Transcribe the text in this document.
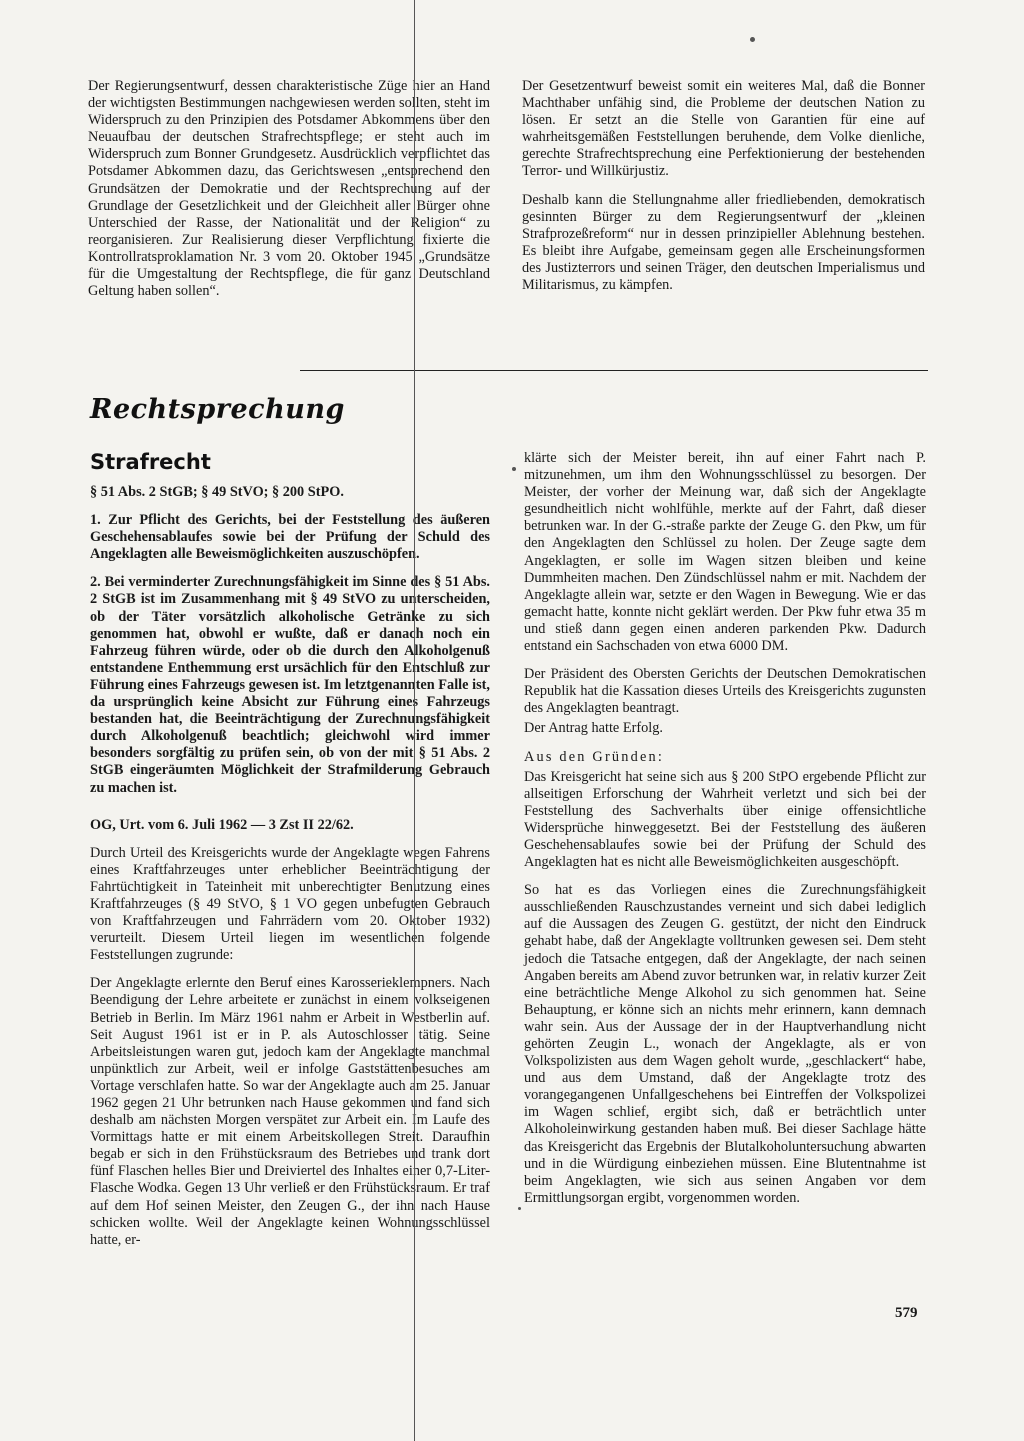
Der Regierungsentwurf, dessen charakteristische Züge hier an Hand der wichtigsten Bestimmungen nachgewiesen werden sollten, steht im Widerspruch zu den Prinzipien des Potsdamer Abkommens über den Neuaufbau der deutschen Strafrechtspflege; er steht auch im Widerspruch zum Bonner Grundgesetz. Ausdrücklich verpflichtet das Potsdamer Abkommen dazu, das Gerichtswesen „entsprechend den Grundsätzen der Demokratie und der Rechtsprechung auf der Grundlage der Gesetzlichkeit und der Gleichheit aller Bürger ohne Unterschied der Rasse, der Nationalität und der Religion“ zu reorganisieren. Zur Realisierung dieser Verpflichtung fixierte die Kontrollratsproklamation Nr. 3 vom 20. Oktober 1945 „Grundsätze für die Umgestaltung der Rechtspflege, die für ganz Deutschland Geltung haben sollen“.

Der Gesetzentwurf beweist somit ein weiteres Mal, daß die Bonner Machthaber unfähig sind, die Probleme der deutschen Nation zu lösen. Er setzt an die Stelle von Garantien für eine auf wahrheitsgemäßen Feststellungen beruhende, dem Volke dienliche, gerechte Strafrechtsprechung eine Perfektionierung der bestehenden Terror- und Willkürjustiz.

Deshalb kann die Stellungnahme aller friedliebenden, demokratisch gesinnten Bürger zu dem Regierungsentwurf der „kleinen Strafprozeßreform“ nur in dessen prinzipieller Ablehnung bestehen. Es bleibt ihre Aufgabe, gemeinsam gegen alle Erscheinungsformen des Justizterrors und seinen Träger, den deutschen Imperialismus und Militarismus, zu kämpfen.

Rechtsprechung
Strafrecht

§ 51 Abs. 2 StGB; § 49 StVO; § 200 StPO.

1. Zur Pflicht des Gerichts, bei der Feststellung des äußeren Geschehensablaufes sowie bei der Prüfung der Schuld des Angeklagten alle Beweismöglichkeiten auszuschöpfen.

2. Bei verminderter Zurechnungsfähigkeit im Sinne des § 51 Abs. 2 StGB ist im Zusammenhang mit § 49 StVO zu unterscheiden, ob der Täter vorsätzlich alkoholische Getränke zu sich genommen hat, obwohl er wußte, daß er danach noch ein Fahrzeug führen würde, oder ob die durch den Alkoholgenuß entstandene Enthemmung erst ursächlich für den Entschluß zur Führung eines Fahrzeugs gewesen ist. Im letztgenannten Falle ist, da ursprünglich keine Absicht zur Führung eines Fahrzeugs bestanden hat, die Beeinträchtigung der Zurechnungsfähigkeit durch Alkoholgenuß beachtlich; gleichwohl wird immer besonders sorgfältig zu prüfen sein, ob von der mit § 51 Abs. 2 StGB eingeräumten Möglichkeit der Strafmilderung Gebrauch zu machen ist.

OG, Urt. vom 6. Juli 1962 — 3 Zst II 22/62.

Durch Urteil des Kreisgerichts wurde der Angeklagte wegen Fahrens eines Kraftfahrzeuges unter erheblicher Beeinträchtigung der Fahrtüchtigkeit in Tateinheit mit unberechtigter Benutzung eines Kraftfahrzeuges (§ 49 StVO, § 1 VO gegen unbefugten Gebrauch von Kraftfahrzeugen und Fahrrädern vom 20. Oktober 1932) verurteilt. Diesem Urteil liegen im wesentlichen folgende Feststellungen zugrunde:

Der Angeklagte erlernte den Beruf eines Karosserieklempners. Nach Beendigung der Lehre arbeitete er zunächst in einem volkseigenen Betrieb in Berlin. Im März 1961 nahm er Arbeit in Westberlin auf. Seit August 1961 ist er in P. als Autoschlosser tätig. Seine Arbeitsleistungen waren gut, jedoch kam der Angeklagte manchmal unpünktlich zur Arbeit, weil er infolge Gaststättenbesuches am Vortage verschlafen hatte. So war der Angeklagte auch am 25. Januar 1962 gegen 21 Uhr betrunken nach Hause gekommen und fand sich deshalb am nächsten Morgen verspätet zur Arbeit ein. Im Laufe des Vormittags hatte er mit einem Arbeitskollegen Streit. Daraufhin begab er sich in den Frühstücksraum des Betriebes und trank dort fünf Flaschen helles Bier und Dreiviertel des Inhaltes einer 0,7-Liter-Flasche Wodka. Gegen 13 Uhr verließ er den Frühstücksraum. Er traf auf dem Hof seinen Meister, den Zeugen G., der ihn nach Hause schicken wollte. Weil der Angeklagte keinen Wohnungsschlüssel hatte, er-

klärte sich der Meister bereit, ihn auf einer Fahrt nach P. mitzunehmen, um ihm den Wohnungsschlüssel zu besorgen. Der Meister, der vorher der Meinung war, daß sich der Angeklagte gesundheitlich nicht wohlfühle, merkte auf der Fahrt, daß dieser betrunken war. In der G.-straße parkte der Zeuge G. den Pkw, um für den Angeklagten den Schlüssel zu holen. Der Zeuge sagte dem Angeklagten, er solle im Wagen sitzen bleiben und keine Dummheiten machen. Den Zündschlüssel nahm er mit. Nachdem der Angeklagte allein war, setzte er den Wagen in Bewegung. Wie er das gemacht hatte, konnte nicht geklärt werden. Der Pkw fuhr etwa 35 m und stieß dann gegen einen anderen parkenden Pkw. Dadurch entstand ein Sachschaden von etwa 6000 DM.

Der Präsident des Obersten Gerichts der Deutschen Demokratischen Republik hat die Kassation dieses Urteils des Kreisgerichts zugunsten des Angeklagten beantragt.

Der Antrag hatte Erfolg.

Aus den Gründen:

Das Kreisgericht hat seine sich aus § 200 StPO ergebende Pflicht zur allseitigen Erforschung der Wahrheit verletzt und sich bei der Feststellung des Sachverhalts über einige offensichtliche Widersprüche hinweggesetzt. Bei der Feststellung des äußeren Geschehensablaufes sowie bei der Prüfung der Schuld des Angeklagten hat es nicht alle Beweismöglichkeiten ausgeschöpft.

So hat es das Vorliegen eines die Zurechnungsfähigkeit ausschließenden Rauschzustandes verneint und sich dabei lediglich auf die Aussagen des Zeugen G. gestützt, der nicht den Eindruck gehabt habe, daß der Angeklagte volltrunken gewesen sei. Dem steht jedoch die Tatsache entgegen, daß der Angeklagte, der nach seinen Angaben bereits am Abend zuvor betrunken war, in relativ kurzer Zeit eine beträchtliche Menge Alkohol zu sich genommen hat. Seine Behauptung, er könne sich an nichts mehr erinnern, kann demnach wahr sein. Aus der Aussage der in der Hauptverhandlung nicht gehörten Zeugin L., wonach der Angeklagte, als er von Volkspolizisten aus dem Wagen geholt wurde, „geschlackert“ habe, und aus dem Umstand, daß der Angeklagte trotz des vorangegangenen Unfallgeschehens bei Eintreffen der Volkspolizei im Wagen schlief, ergibt sich, daß er beträchtlich unter Alkoholeinwirkung gestanden haben muß. Bei dieser Sachlage hätte das Kreisgericht das Ergebnis der Blutalkoholuntersuchung abwarten und in die Würdigung einbeziehen müssen. Eine Blutentnahme ist beim Angeklagten, wie sich aus seinen Angaben vor dem Ermittlungsorgan ergibt, vorgenommen worden.

579
